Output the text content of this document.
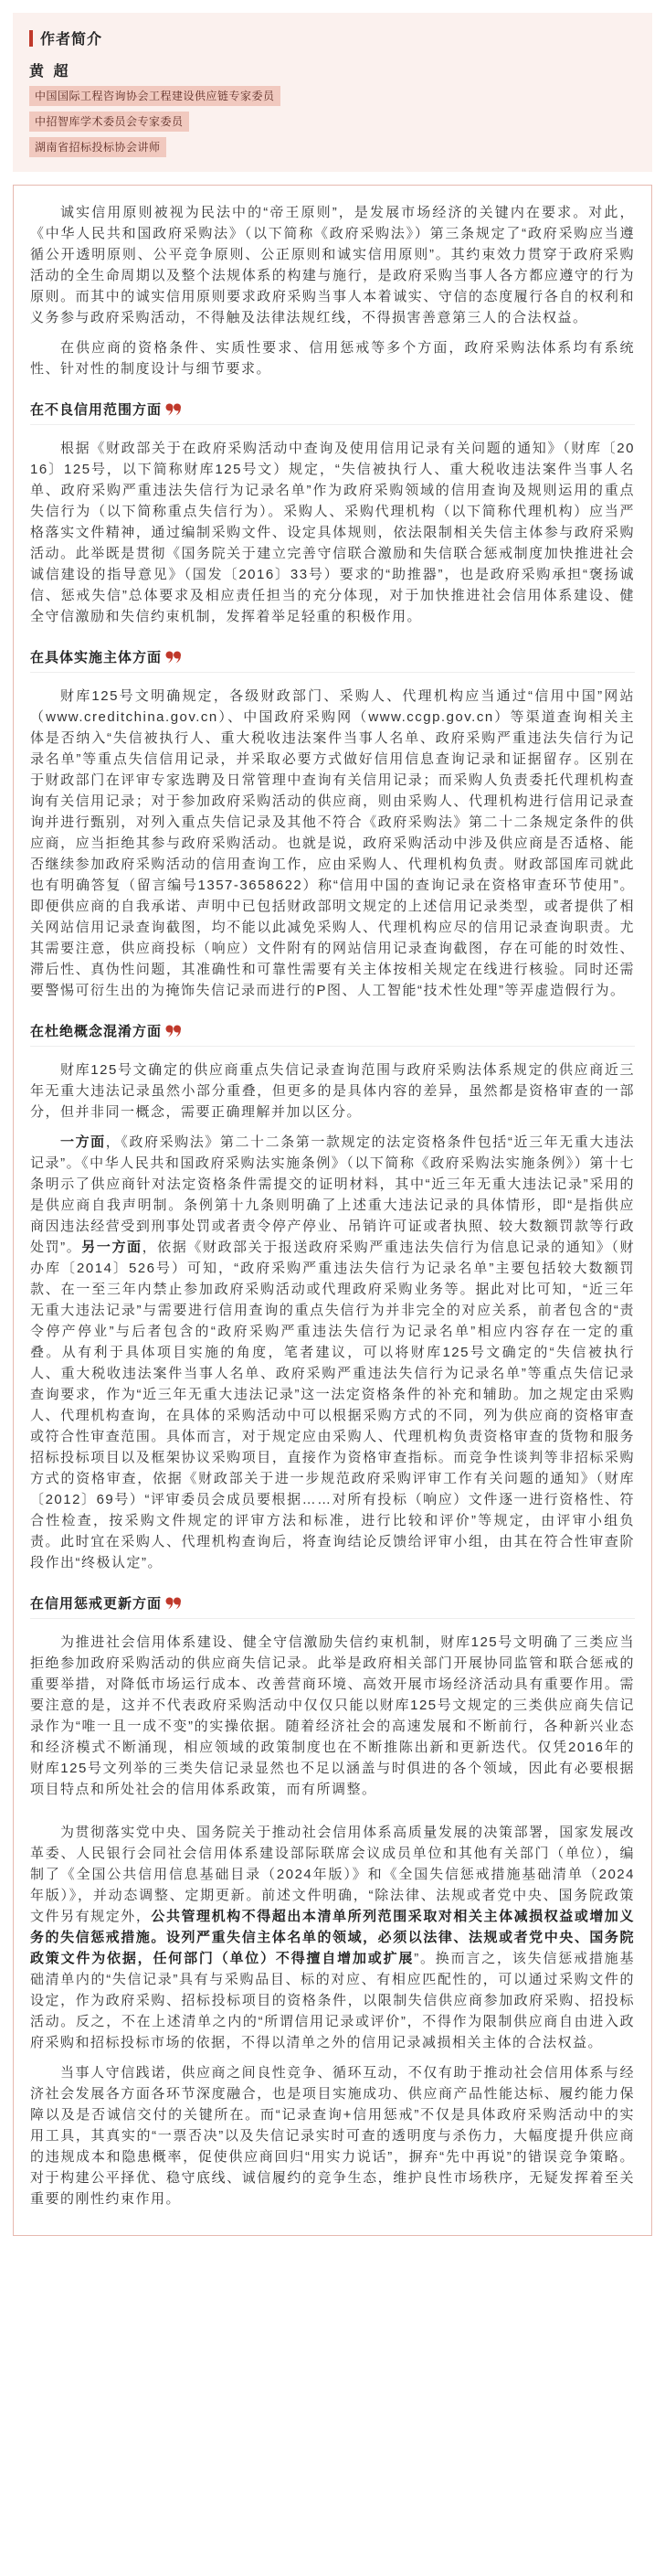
作者简介
黄 超
中国国际工程咨询协会工程建设供应链专家委员
中招智库学术委员会专家委员
湖南省招标投标协会讲师

诚实信用原则被视为民法中的“帝王原则”，是发展市场经济的关键内在要求。对此，《中华人民共和国政府采购法》（以下简称《政府采购法》）第三条规定了“政府采购应当遵循公开透明原则、公平竞争原则、公正原则和诚实信用原则”。其约束效力贯穿于政府采购活动的全生命周期以及整个法规体系的构建与施行，是政府采购当事人各方都应遵守的行为原则。而其中的诚实信用原则要求政府采购当事人本着诚实、守信的态度履行各自的权利和义务参与政府采购活动，不得触及法律法规红线，不得损害善意第三人的合法权益。

在供应商的资格条件、实质性要求、信用惩戒等多个方面，政府采购法体系均有系统性、针对性的制度设计与细节要求。

在不良信用范围方面

根据《财政部关于在政府采购活动中查询及使用信用记录有关问题的通知》（财库〔2016〕125号，以下简称财库125号文）规定，“失信被执行人、重大税收违法案件当事人名单、政府采购严重违法失信行为记录名单”作为政府采购领域的信用查询及规则运用的重点失信行为（以下简称重点失信行为）。采购人、采购代理机构（以下简称代理机构）应当严格落实文件精神，通过编制采购文件、设定具体规则，依法限制相关失信主体参与政府采购活动。此举既是贯彻《国务院关于建立完善守信联合激励和失信联合惩戒制度加快推进社会诚信建设的指导意见》（国发〔2016〕33号）要求的“助推器”，也是政府采购承担“褒扬诚信、惩戒失信”总体要求及相应责任担当的充分体现，对于加快推进社会信用体系建设、健全守信激励和失信约束机制，发挥着举足轻重的积极作用。

在具体实施主体方面

财库125号文明确规定，各级财政部门、采购人、代理机构应当通过“信用中国”网站（www.creditchina.gov.cn）、中国政府采购网（www.ccgp.gov.cn）等渠道查询相关主体是否纳入“失信被执行人、重大税收违法案件当事人名单、政府采购严重违法失信行为记录名单”等重点失信信用记录，并采取必要方式做好信用信息查询记录和证据留存。区别在于财政部门在评审专家选聘及日常管理中查询有关信用记录；而采购人负责委托代理机构查询有关信用记录；对于参加政府采购活动的供应商，则由采购人、代理机构进行信用记录查询并进行甄别，对列入重点失信记录及其他不符合《政府采购法》第二十二条规定条件的供应商，应当拒绝其参与政府采购活动。也就是说，政府采购活动中涉及供应商是否适格、能否继续参加政府采购活动的信用查询工作，应由采购人、代理机构负责。财政部国库司就此也有明确答复（留言编号1357-3658622）称“信用中国的查询记录在资格审查环节使用”。即便供应商的自我承诺、声明中已包括财政部明文规定的上述信用记录类型，或者提供了相关网站信用记录查询截图，均不能以此减免采购人、代理机构应尽的信用记录查询职责。尤其需要注意，供应商投标（响应）文件附有的网站信用记录查询截图，存在可能的时效性、滞后性、真伪性问题，其准确性和可靠性需要有关主体按相关规定在线进行核验。同时还需要警惕可衍生出的为掩饰失信记录而进行的P图、人工智能“技术性处理”等弄虚造假行为。

在杜绝概念混淆方面

财库125号文确定的供应商重点失信记录查询范围与政府采购法体系规定的供应商近三年无重大违法记录虽然小部分重叠，但更多的是具体内容的差异，虽然都是资格审查的一部分，但并非同一概念，需要正确理解并加以区分。

一方面，《政府采购法》第二十二条第一款规定的法定资格条件包括“近三年无重大违法记录”。《中华人民共和国政府采购法实施条例》（以下简称《政府采购法实施条例》）第十七条明示了供应商针对法定资格条件需提交的证明材料，其中“近三年无重大违法记录”采用的是供应商自我声明制。条例第十九条则明确了上述重大违法记录的具体情形，即“是指供应商因违法经营受到刑事处罚或者责令停产停业、吊销许可证或者执照、较大数额罚款等行政处罚”。另一方面，依据《财政部关于报送政府采购严重违法失信行为信息记录的通知》（财办库〔2014〕526号）可知，“政府采购严重违法失信行为记录名单”主要包括较大数额罚款、在一至三年内禁止参加政府采购活动或代理政府采购业务等。据此对比可知，“近三年无重大违法记录”与需要进行信用查询的重点失信行为并非完全的对应关系，前者包含的“责令停产停业”与后者包含的“政府采购严重违法失信行为记录名单”相应内容存在一定的重叠。从有利于具体项目实施的角度，笔者建议，可以将财库125号文确定的“失信被执行人、重大税收违法案件当事人名单、政府采购严重违法失信行为记录名单”等重点失信记录查询要求，作为“近三年无重大违法记录”这一法定资格条件的补充和辅助。加之规定由采购人、代理机构查询，在具体的采购活动中可以根据采购方式的不同，列为供应商的资格审查或符合性审查范围。具体而言，对于规定应由采购人、代理机构负责资格审查的货物和服务招标投标项目以及框架协议采购项目，直接作为资格审查指标。而竞争性谈判等非招标采购方式的资格审查，依据《财政部关于进一步规范政府采购评审工作有关问题的通知》（财库〔2012〕69号）“评审委员会成员要根据……对所有投标（响应）文件逐一进行资格性、符合性检查，按采购文件规定的评审方法和标准，进行比较和评价”等规定，由评审小组负责。此时宜在采购人、代理机构查询后，将查询结论反馈给评审小组，由其在符合性审查阶段作出“终极认定”。

在信用惩戒更新方面

为推进社会信用体系建设、健全守信激励失信约束机制，财库125号文明确了三类应当拒绝参加政府采购活动的供应商失信记录。此举是政府相关部门开展协同监管和联合惩戒的重要举措，对降低市场运行成本、改善营商环境、高效开展市场经济活动具有重要作用。需要注意的是，这并不代表政府采购活动中仅仅只能以财库125号文规定的三类供应商失信记录作为“唯一且一成不变”的实操依据。随着经济社会的高速发展和不断前行，各种新兴业态和经济模式不断涌现，相应领域的政策制度也在不断推陈出新和更新迭代。仅凭2016年的财库125号文列举的三类失信记录显然也不足以涵盖与时俱进的各个领域，因此有必要根据项目特点和所处社会的信用体系政策，而有所调整。

为贯彻落实党中央、国务院关于推动社会信用体系高质量发展的决策部署，国家发展改革委、人民银行会同社会信用体系建设部际联席会议成员单位和其他有关部门（单位），编制了《全国公共信用信息基础目录（2024年版）》和《全国失信惩戒措施基础清单（2024年版）》，并动态调整、定期更新。前述文件明确，“除法律、法规或者党中央、国务院政策文件另有规定外，公共管理机构不得超出本清单所列范围采取对相关主体减损权益或增加义务的失信惩戒措施。设列严重失信主体名单的领域，必须以法律、法规或者党中央、国务院政策文件为依据，任何部门（单位）不得擅自增加或扩展”。换而言之，该失信惩戒措施基础清单内的“失信记录”具有与采购品目、标的对应、有相应匹配性的，可以通过采购文件的设定，作为政府采购、招标投标项目的资格条件，以限制失信供应商参加政府采购、招投标活动。反之，不在上述清单之内的“所谓信用记录或评价”，不得作为限制供应商自由进入政府采购和招标投标市场的依据，不得以清单之外的信用记录减损相关主体的合法权益。

当事人守信践诺，供应商之间良性竞争、循环互动，不仅有助于推动社会信用体系与经济社会发展各方面各环节深度融合，也是项目实施成功、供应商产品性能达标、履约能力保障以及是否诚信交付的关键所在。而“记录查询+信用惩戒”不仅是具体政府采购活动中的实用工具，其真实的“一票否决”以及失信记录实时可查的透明度与杀伤力，大幅度提升供应商的违规成本和隐患概率，促使供应商回归“用实力说话”，摒弃“先中再说”的错误竞争策略。对于构建公平择优、稳守底线、诚信履约的竞争生态，维护良性市场秩序，无疑发挥着至关重要的刚性约束作用。
